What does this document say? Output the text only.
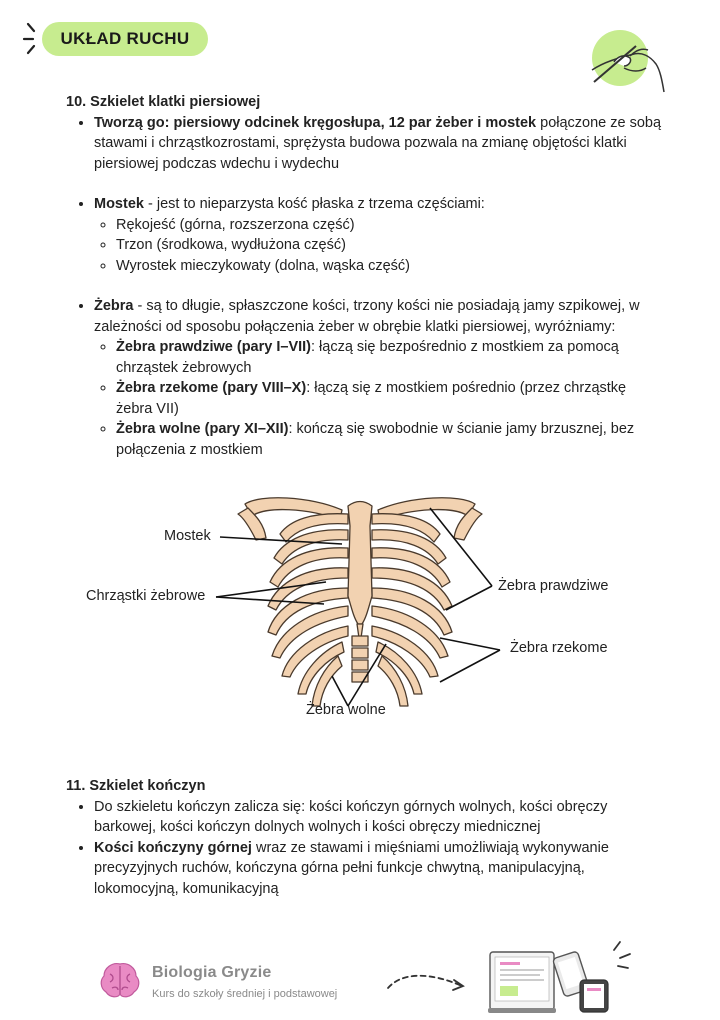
UKŁAD RUCHU

10. Szkielet klatki piersiowej

• Tworzą go: piersiowy odcinek kręgosłupa, 12 par żeber i mostek połączone ze sobą stawami i chrząstkozrostami, sprężysta budowa pozwala na zmianę objętości klatki piersiowej podczas wdechu i wydechu
• Mostek - jest to nieparzysta kość płaska z trzema częściami:
◦ Rękojeść (górna, rozszerzona część)
◦ Trzon (środkowa, wydłużona część)
◦ Wyrostek mieczykowaty (dolna, wąska część)
• Żebra - są to długie, spłaszczone kości, trzony kości nie posiadają jamy szpikowej, w zależności od sposobu połączenia żeber w obrębie klatki piersiowej, wyróżniamy:
◦ Żebra prawdziwe (pary I–VII): łączą się bezpośrednio z mostkiem za pomocą chrząstek żebrowych
◦ Żebra rzekome (pary VIII–X): łączą się z mostkiem pośrednio (przez chrząstkę żebra VII)
◦ Żebra wolne (pary XI–XII): kończą się swobodnie w ścianie jamy brzusznej, bez połączenia z mostkiem
Mostek
Chrząstki żebrowe
Żebra prawdziwe
Żebra rzekome
Żebra wolne

11. Szkielet kończyn

• Do szkieletu kończyn zalicza się: kości kończyn górnych wolnych, kości obręczy barkowej, kości kończyn dolnych wolnych i kości obręczy miednicznej
• Kości kończyny górnej wraz ze stawami i mięśniami umożliwiają wykonywanie precyzyjnych ruchów, kończyna górna pełni funkcje chwytną, manipulacyjną, lokomocyjną, komunikacyjną
Biologia Gryzie
Kurs do szkoły średniej i podstawowej
